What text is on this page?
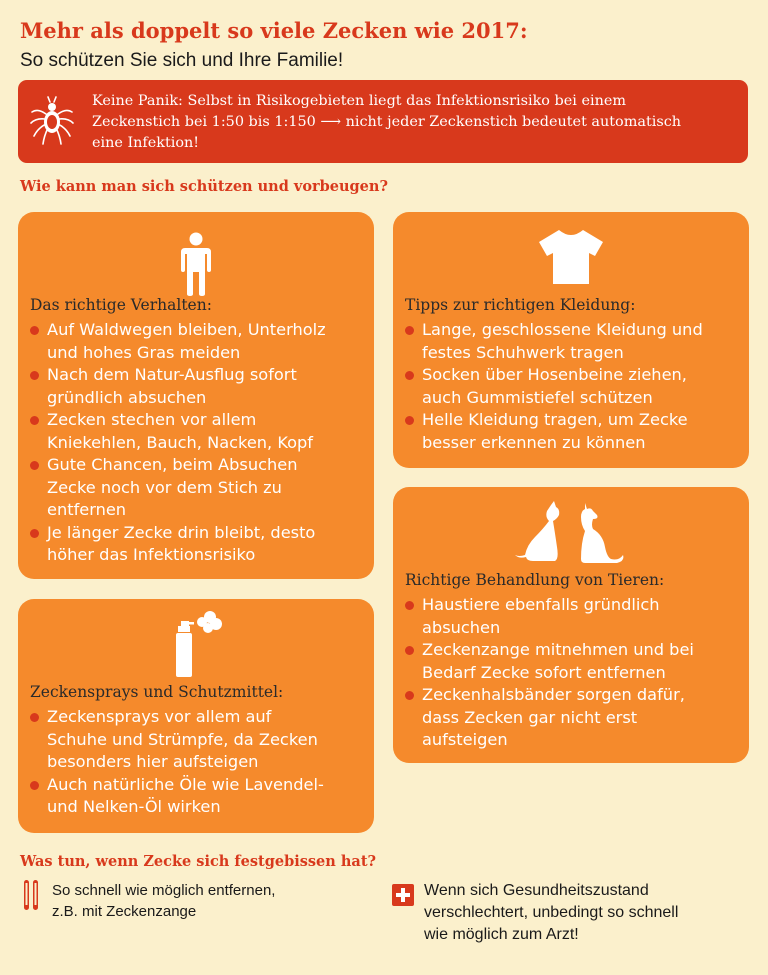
Mehr als doppelt so viele Zecken wie 2017:
So schützen Sie sich und Ihre Familie!
Keine Panik: Selbst in Risikogebieten liegt das Infektionsrisiko bei einem
Zeckenstich bei 1:50 bis 1:150 ⟶ nicht jeder Zeckenstich bedeutet automatisch
eine Infektion!
Wie kann man sich schützen und vorbeugen?
Das richtige Verhalten:
Auf Waldwegen bleiben, Unterholz
und hohes Gras meiden
Nach dem Natur-Ausflug sofort
gründlich absuchen
Zecken stechen vor allem
Kniekehlen, Bauch, Nacken, Kopf
Gute Chancen, beim Absuchen
Zecke noch vor dem Stich zu
entfernen
Je länger Zecke drin bleibt, desto
höher das Infektionsrisiko
Tipps zur richtigen Kleidung:
Lange, geschlossene Kleidung und
festes Schuhwerk tragen
Socken über Hosenbeine ziehen,
auch Gummistiefel schützen
Helle Kleidung tragen, um Zecke
besser erkennen zu können
Zeckensprays und Schutzmittel:
Zeckensprays vor allem auf
Schuhe und Strümpfe, da Zecken
besonders hier aufsteigen
Auch natürliche Öle wie Lavendel-
und Nelken-Öl wirken
Richtige Behandlung von Tieren:
Haustiere ebenfalls gründlich
absuchen
Zeckenzange mitnehmen und bei
Bedarf Zecke sofort entfernen
Zeckenhalsbänder sorgen dafür,
dass Zecken gar nicht erst
aufsteigen
Was tun, wenn Zecke sich festgebissen hat?
So schnell wie möglich entfernen,
z.B. mit Zeckenzange
Wenn sich Gesundheitszustand
verschlechtert, unbedingt so schnell
wie möglich zum Arzt!
